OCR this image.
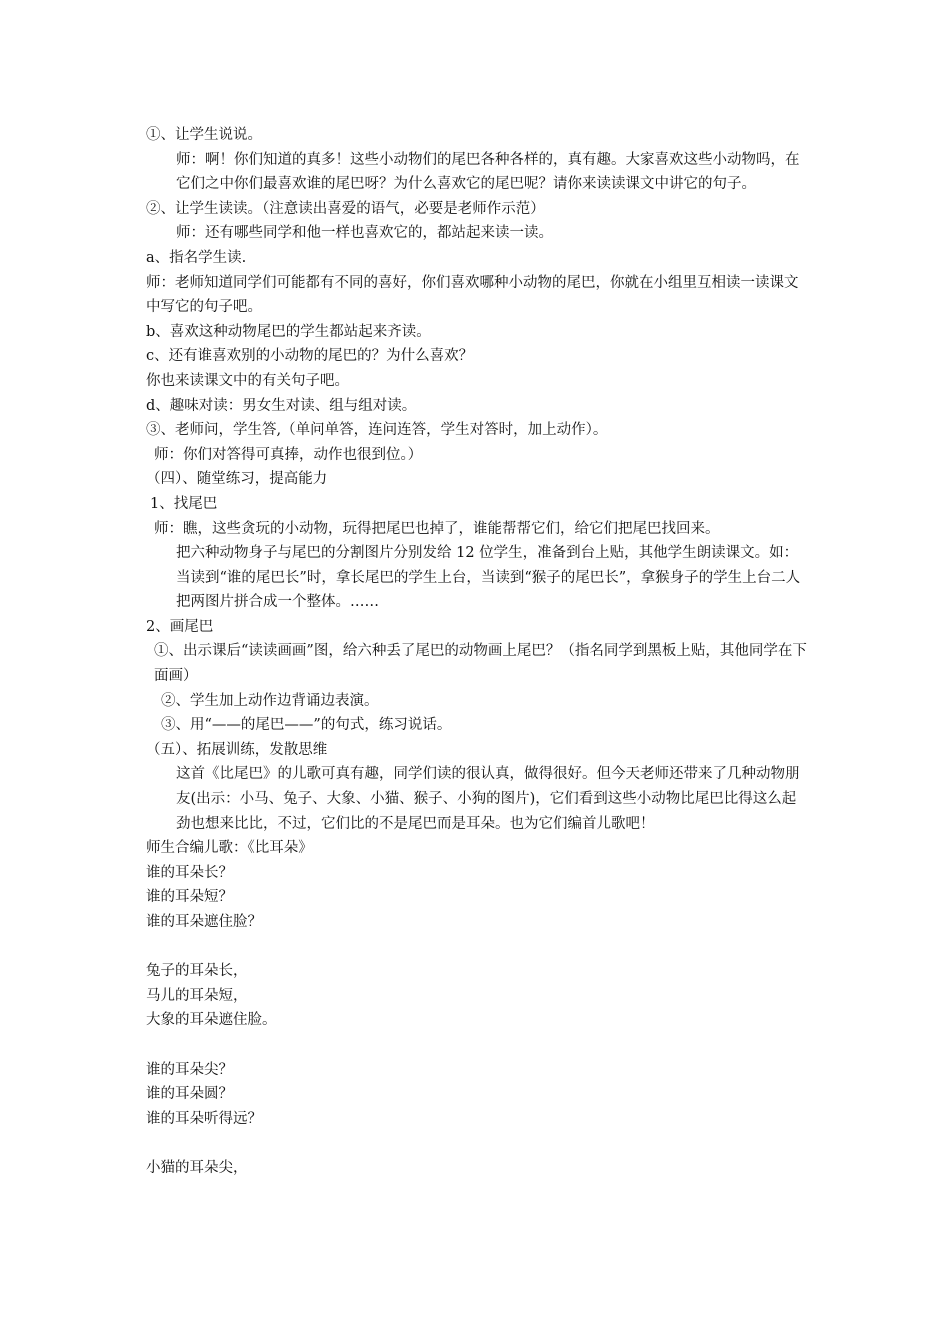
①、让学生说说。
师：啊！你们知道的真多！这些小动物们的尾巴各种各样的，真有趣。大家喜欢这些小动物吗，在它们之中你们最喜欢谁的尾巴呀？为什么喜欢它的尾巴呢？请你来读读课文中讲它的句子。
②、让学生读读。（注意读出喜爱的语气，必要是老师作示范）
师：还有哪些同学和他一样也喜欢它的，都站起来读一读。
a、指名学生读.
师：老师知道同学们可能都有不同的喜好，你们喜欢哪种小动物的尾巴，你就在小组里互相读一读课文中写它的句子吧。
b、喜欢这种动物尾巴的学生都站起来齐读。
c、还有谁喜欢别的小动物的尾巴的？为什么喜欢？
你也来读课文中的有关句子吧。
d、趣味对读：男女生对读、组与组对读。
③、老师问，学生答,（单问单答，连问连答，学生对答时，加上动作）。
师：你们对答得可真捧，动作也很到位。）
（四）、随堂练习，提高能力
1、找尾巴
师：瞧，这些贪玩的小动物，玩得把尾巴也掉了，谁能帮帮它们，给它们把尾巴找回来。
把六种动物身子与尾巴的分割图片分别发给 12 位学生，准备到台上贴，其他学生朗读课文。如：当读到“谁的尾巴长”时，拿长尾巴的学生上台，当读到“猴子的尾巴长”，拿猴身子的学生上台二人把两图片拼合成一个整体。……
2、画尾巴
①、出示课后“读读画画”图，给六种丢了尾巴的动物画上尾巴？（指名同学到黑板上贴，其他同学在下面画）
②、学生加上动作边背诵边表演。
③、用“——的尾巴——”的句式，练习说话。
（五）、拓展训练，发散思维
这首《比尾巴》的儿歌可真有趣，同学们读的很认真，做得很好。但今天老师还带来了几种动物朋友(出示：小马、兔子、大象、小猫、猴子、小狗的图片)，它们看到这些小动物比尾巴比得这么起劲也想来比比，不过，它们比的不是尾巴而是耳朵。也为它们编首儿歌吧！
师生合编儿歌：《比耳朵》
谁的耳朵长？
谁的耳朵短？
谁的耳朵遮住脸？
兔子的耳朵长，
马儿的耳朵短，
大象的耳朵遮住脸。
谁的耳朵尖？
谁的耳朵圆？
谁的耳朵听得远？
小猫的耳朵尖，
